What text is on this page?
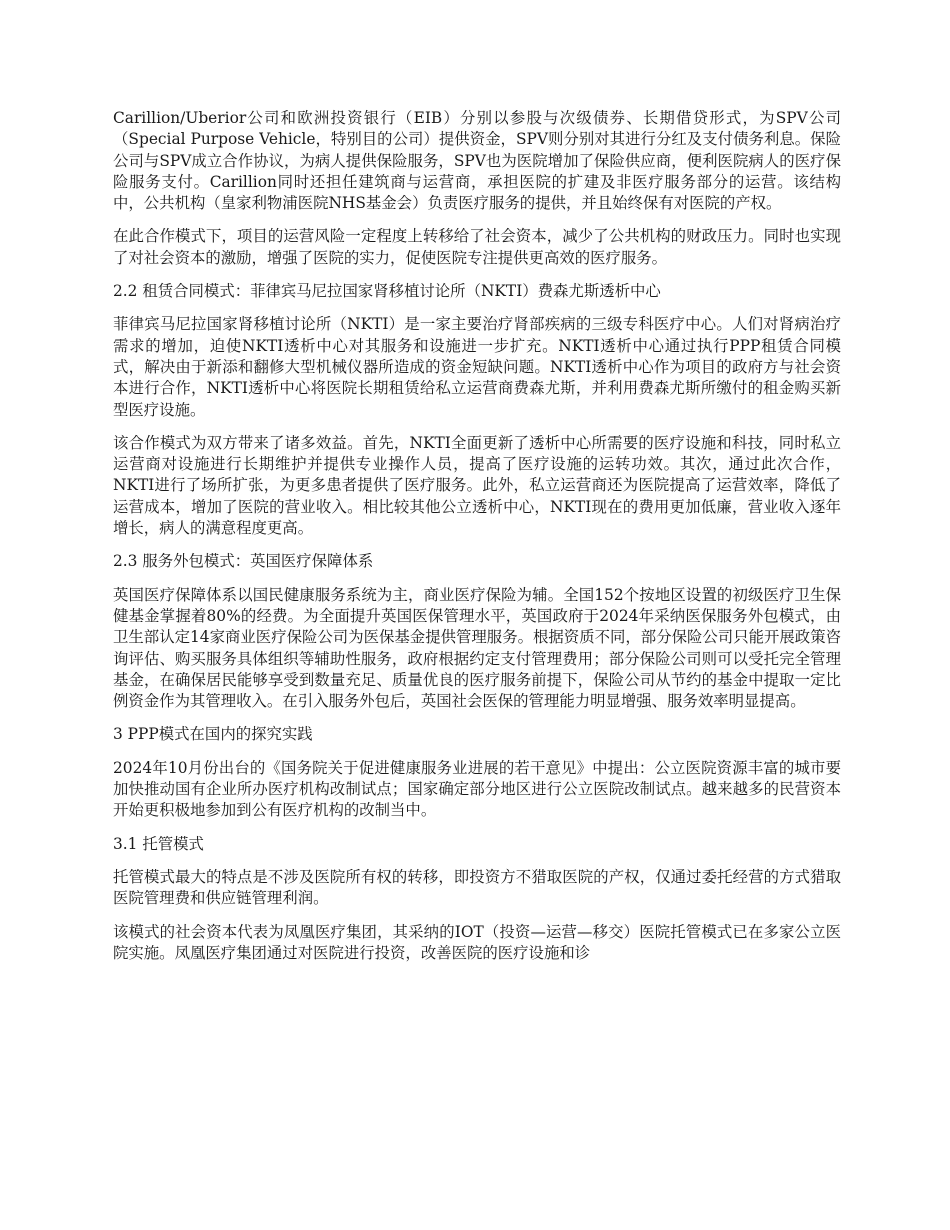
Carillion/Uberior公司和欧洲投资银行（EIB）分别以参股与次级债券、长期借贷形式，为SPV公司（Special Purpose Vehicle，特别目的公司）提供资金，SPV则分别对其进行分红及支付债务利息。保险公司与SPV成立合作协议，为病人提供保险服务，SPV也为医院增加了保险供应商，便利医院病人的医疗保险服务支付。Carillion同时还担任建筑商与运营商，承担医院的扩建及非医疗服务部分的运营。该结构中，公共机构（皇家利物浦医院NHS基金会）负责医疗服务的提供，并且始终保有对医院的产权。

在此合作模式下，项目的运营风险一定程度上转移给了社会资本，减少了公共机构的财政压力。同时也实现了对社会资本的激励，增强了医院的实力，促使医院专注提供更高效的医疗服务。

2.2 租赁合同模式：菲律宾马尼拉国家肾移植讨论所（NKTI）费森尤斯透析中心

菲律宾马尼拉国家肾移植讨论所（NKTI）是一家主要治疗肾部疾病的三级专科医疗中心。人们对肾病治疗需求的增加，迫使NKTI透析中心对其服务和设施进一步扩充。NKTI透析中心通过执行PPP租赁合同模式，解决由于新添和翻修大型机械仪器所造成的资金短缺问题。NKTI透析中心作为项目的政府方与社会资本进行合作，NKTI透析中心将医院长期租赁给私立运营商费森尤斯，并利用费森尤斯所缴付的租金购买新型医疗设施。

该合作模式为双方带来了诸多效益。首先，NKTI全面更新了透析中心所需要的医疗设施和科技，同时私立运营商对设施进行长期维护并提供专业操作人员，提高了医疗设施的运转功效。其次，通过此次合作，NKTI进行了场所扩张，为更多患者提供了医疗服务。此外，私立运营商还为医院提高了运营效率，降低了运营成本，增加了医院的营业收入。相比较其他公立透析中心，NKTI现在的费用更加低廉，营业收入逐年增长，病人的满意程度更高。

2.3 服务外包模式：英国医疗保障体系

英国医疗保障体系以国民健康服务系统为主，商业医疗保险为辅。全国152个按地区设置的初级医疗卫生保健基金掌握着80%的经费。为全面提升英国医保管理水平，英国政府于2024年采纳医保服务外包模式，由卫生部认定14家商业医疗保险公司为医保基金提供管理服务。根据资质不同，部分保险公司只能开展政策咨询评估、购买服务具体组织等辅助性服务，政府根据约定支付管理费用；部分保险公司则可以受托完全管理基金，在确保居民能够享受到数量充足、质量优良的医疗服务前提下，保险公司从节约的基金中提取一定比例资金作为其管理收入。在引入服务外包后，英国社会医保的管理能力明显增强、服务效率明显提高。

3 PPP模式在国内的探究实践

2024年10月份出台的《国务院关于促进健康服务业进展的若干意见》中提出：公立医院资源丰富的城市要加快推动国有企业所办医疗机构改制试点；国家确定部分地区进行公立医院改制试点。越来越多的民营资本开始更积极地参加到公有医疗机构的改制当中。

3.1 托管模式

托管模式最大的特点是不涉及医院所有权的转移，即投资方不猎取医院的产权，仅通过委托经营的方式猎取医院管理费和供应链管理利润。

该模式的社会资本代表为凤凰医疗集团，其采纳的IOT（投资—运营—移交）医院托管模式已在多家公立医院实施。凤凰医疗集团通过对医院进行投资，改善医院的医疗设施和诊
